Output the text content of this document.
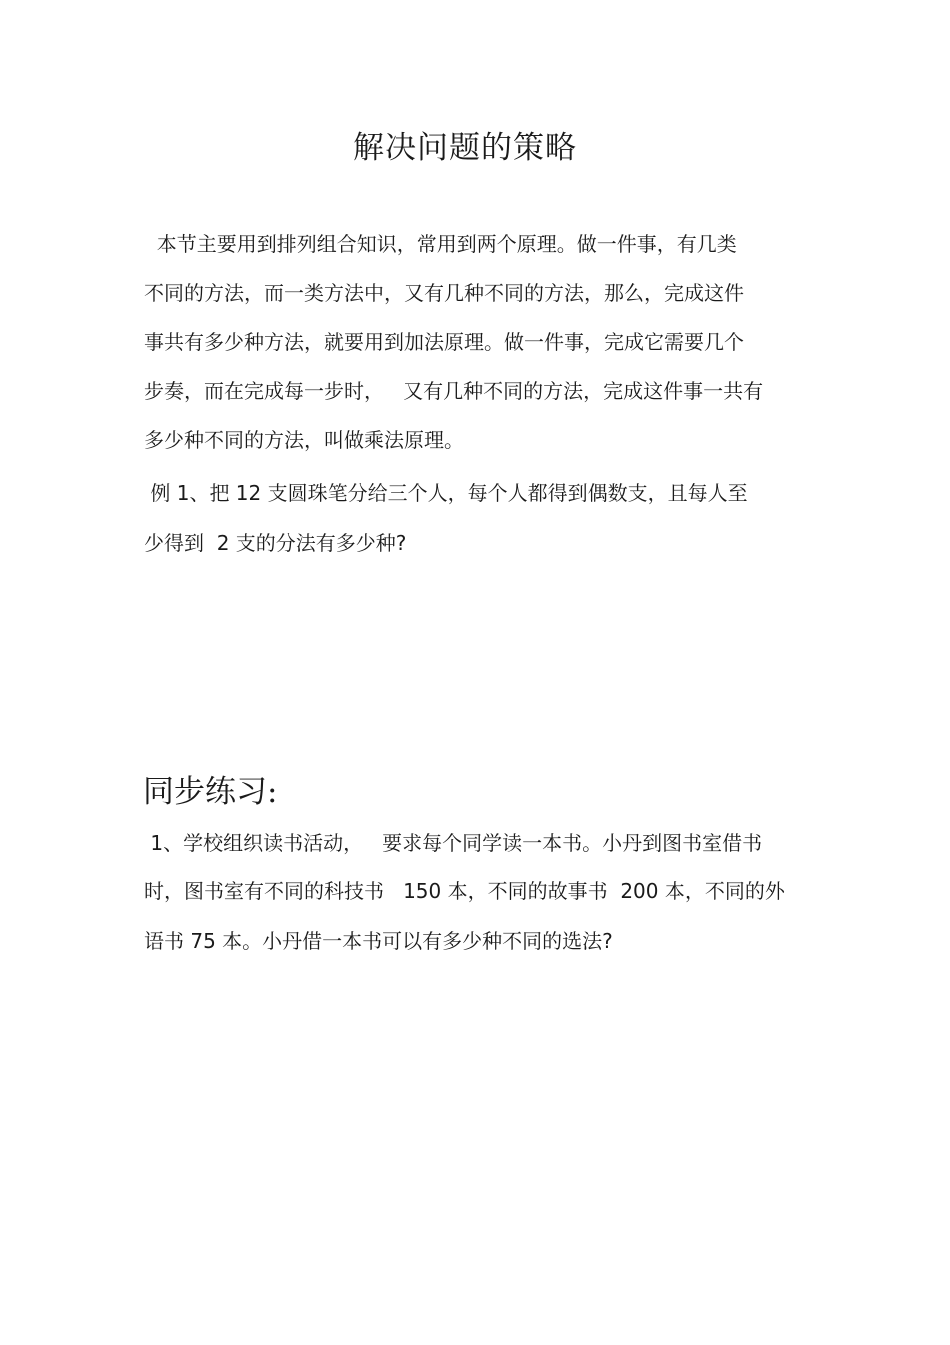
解决问题的策略
本节主要用到排列组合知识，常用到两个原理。做一件事，有几类
不同的方法，而一类方法中，又有几种不同的方法，那么，完成这件
事共有多少种方法，就要用到加法原理。做一件事，完成它需要几个
步奏，而在完成每一步时，   又有几种不同的方法，完成这件事一共有
多少种不同的方法，叫做乘法原理。
例 1、把 12 支圆珠笔分给三个人，每个人都得到偶数支，且每人至
少得到  2 支的分法有多少种?
同步练习:
1、学校组织读书活动，   要求每个同学读一本书。小丹到图书室借书
时，图书室有不同的科技书   150 本，不同的故事书  200 本，不同的外
语书 75 本。小丹借一本书可以有多少种不同的选法?
